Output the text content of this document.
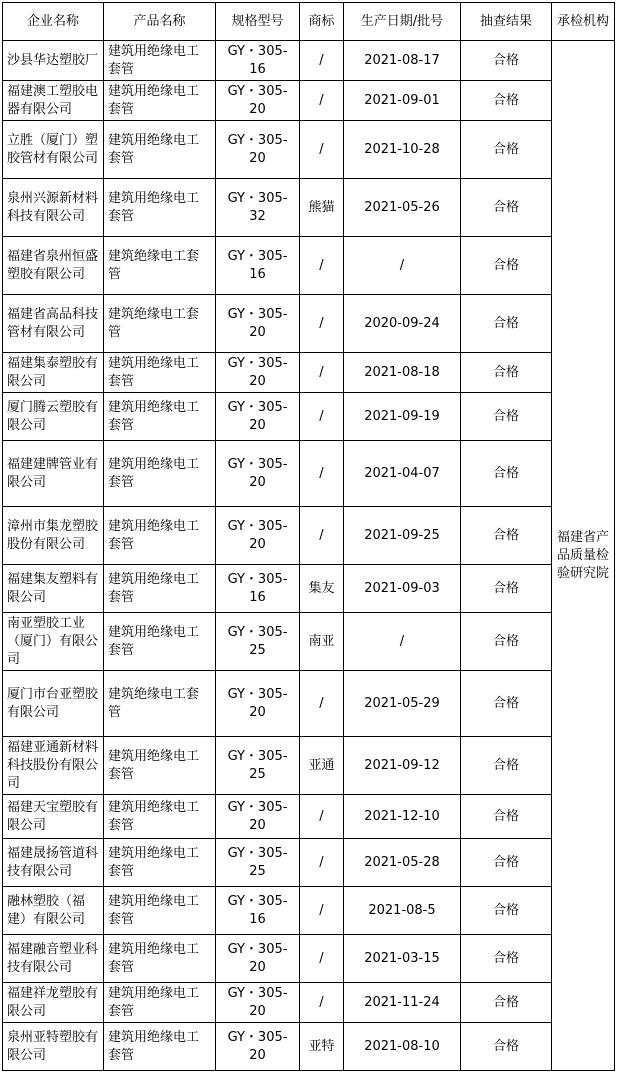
企业名称	产品名称	规格型号	商标	生产日期/批号	抽查结果	承检机构
沙县华达塑胶厂	建筑用绝缘电工套管	GY・305-16	/	2021-08-17	合格	福建省产品质量检验研究院
福建澳工塑胶电器有限公司	建筑用绝缘电工套管	GY・305-20	/	2021-09-01	合格	
立胜（厦门）塑胶管材有限公司	建筑用绝缘电工套管	GY・305-20	/	2021-10-28	合格	
泉州兴源新材料科技有限公司	建筑用绝缘电工套管	GY・305-32	熊猫	2021-05-26	合格	
福建省泉州恒盛塑胶有限公司	建筑绝缘电工套管	GY・305-16	/	/	合格	
福建省高品科技管材有限公司	建筑绝缘电工套管	GY・305-20	/	2020-09-24	合格	
福建集泰塑胶有限公司	建筑用绝缘电工套管	GY・305-20	/	2021-08-18	合格	
厦门腾云塑胶有限公司	建筑用绝缘电工套管	GY・305-20	/	2021-09-19	合格	
福建建牌管业有限公司	建筑用绝缘电工套管	GY・305-20	/	2021-04-07	合格	
漳州市集龙塑胶股份有限公司	建筑用绝缘电工套管	GY・305-20	/	2021-09-25	合格	
福建集友塑料有限公司	建筑用绝缘电工套管	GY・305-16	集友	2021-09-03	合格	
南亚塑胶工业（厦门）有限公司	建筑用绝缘电工套管	GY・305-25	南亚	/	合格	
厦门市台亚塑胶有限公司	建筑绝缘电工套管	GY・305-20	/	2021-05-29	合格	
福建亚通新材料科技股份有限公司	建筑用绝缘电工套管	GY・305-25	亚通	2021-09-12	合格	
福建天宝塑胶有限公司	建筑用绝缘电工套管	GY・305-20	/	2021-12-10	合格	
福建晟扬管道科技有限公司	建筑用绝缘电工套管	GY・305-25	/	2021-05-28	合格	
融林塑胶（福建）有限公司	建筑用绝缘电工套管	GY・305-16	/	2021-08-5	合格	
福建融音塑业科技有限公司	建筑用绝缘电工套管	GY・305-20	/	2021-03-15	合格	
福建祥龙塑胶有限公司	建筑用绝缘电工套管	GY・305-20	/	2021-11-24	合格	
泉州亚特塑胶有限公司	建筑用绝缘电工套管	GY・305-20	亚特	2021-08-10	合格	
